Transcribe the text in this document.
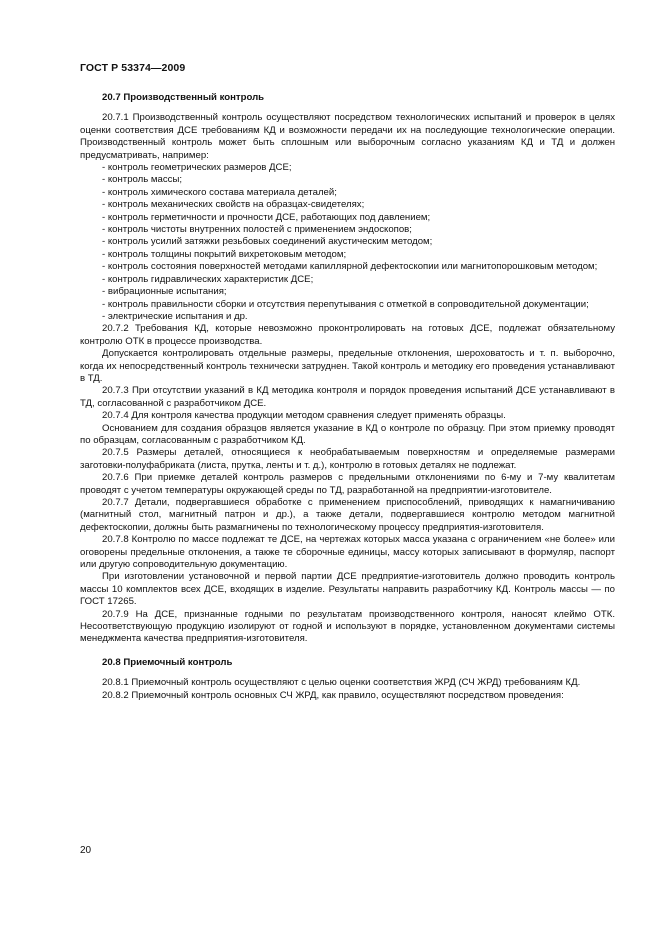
ГОСТ Р 53374—2009

20.7 Производственный контроль

20.7.1 Производственный контроль осуществляют посредством технологических испытаний и проверок в целях оценки соответствия ДСЕ требованиям КД и возможности передачи их на последующие технологические операции. Производственный контроль может быть сплошным или выборочным согласно указаниям КД и ТД и должен предусматривать, например:

- контроль геометрических размеров ДСЕ;

- контроль массы;

- контроль химического состава материала деталей;

- контроль механических свойств на образцах-свидетелях;

- контроль герметичности и прочности ДСЕ, работающих под давлением;

- контроль чистоты внутренних полостей с применением эндоскопов;

- контроль усилий затяжки резьбовых соединений акустическим методом;

- контроль толщины покрытий вихретоковым методом;

- контроль состояния поверхностей методами капиллярной дефектоскопии или магнитопорошковым методом;

- контроль гидравлических характеристик ДСЕ;

- вибрационные испытания;

- контроль правильности сборки и отсутствия перепутывания с отметкой в сопроводительной документации;

- электрические испытания и др.

20.7.2 Требования КД, которые невозможно проконтролировать на готовых ДСЕ, подлежат обязательному контролю ОТК в процессе производства.

Допускается контролировать отдельные размеры, предельные отклонения, шероховатость и т. п. выборочно, когда их непосредственный контроль технически затруднен. Такой контроль и методику его проведения устанавливают в ТД.

20.7.3 При отсутствии указаний в КД методика контроля и порядок проведения испытаний ДСЕ устанавливают в ТД, согласованной с разработчиком ДСЕ.

20.7.4 Для контроля качества продукции методом сравнения следует применять образцы.

Основанием для создания образцов является указание в КД о контроле по образцу. При этом приемку проводят по образцам, согласованным с разработчиком КД.

20.7.5 Размеры деталей, относящиеся к необрабатываемым поверхностям и определяемые размерами заготовки-полуфабриката (листа, прутка, ленты и т. д.), контролю в готовых деталях не подлежат.

20.7.6 При приемке деталей контроль размеров с предельными отклонениями по 6-му и 7-му квалитетам проводят с учетом температуры окружающей среды по ТД, разработанной на предприятии-изготовителе.

20.7.7 Детали, подвергавшиеся обработке с применением приспособлений, приводящих к намагничиванию (магнитный стол, магнитный патрон и др.), а также детали, подвергавшиеся контролю методом магнитной дефектоскопии, должны быть размагничены по технологическому процессу предприятия-изготовителя.

20.7.8 Контролю по массе подлежат те ДСЕ, на чертежах которых масса указана с ограничением «не более» или оговорены предельные отклонения, а также те сборочные единицы, массу которых записывают в формуляр, паспорт или другую сопроводительную документацию.

При изготовлении установочной и первой партии ДСЕ предприятие-изготовитель должно проводить контроль массы 10 комплектов всех ДСЕ, входящих в изделие. Результаты направить разработчику КД. Контроль массы — по ГОСТ 17265.

20.7.9 На ДСЕ, признанные годными по результатам производственного контроля, наносят клеймо ОТК. Несоответствующую продукцию изолируют от годной и используют в порядке, установленном документами системы менеджмента качества предприятия-изготовителя.

20.8 Приемочный контроль

20.8.1 Приемочный контроль осуществляют с целью оценки соответствия ЖРД (СЧ ЖРД) требованиям КД.

20.8.2 Приемочный контроль основных СЧ ЖРД, как правило, осуществляют посредством проведения:

20
